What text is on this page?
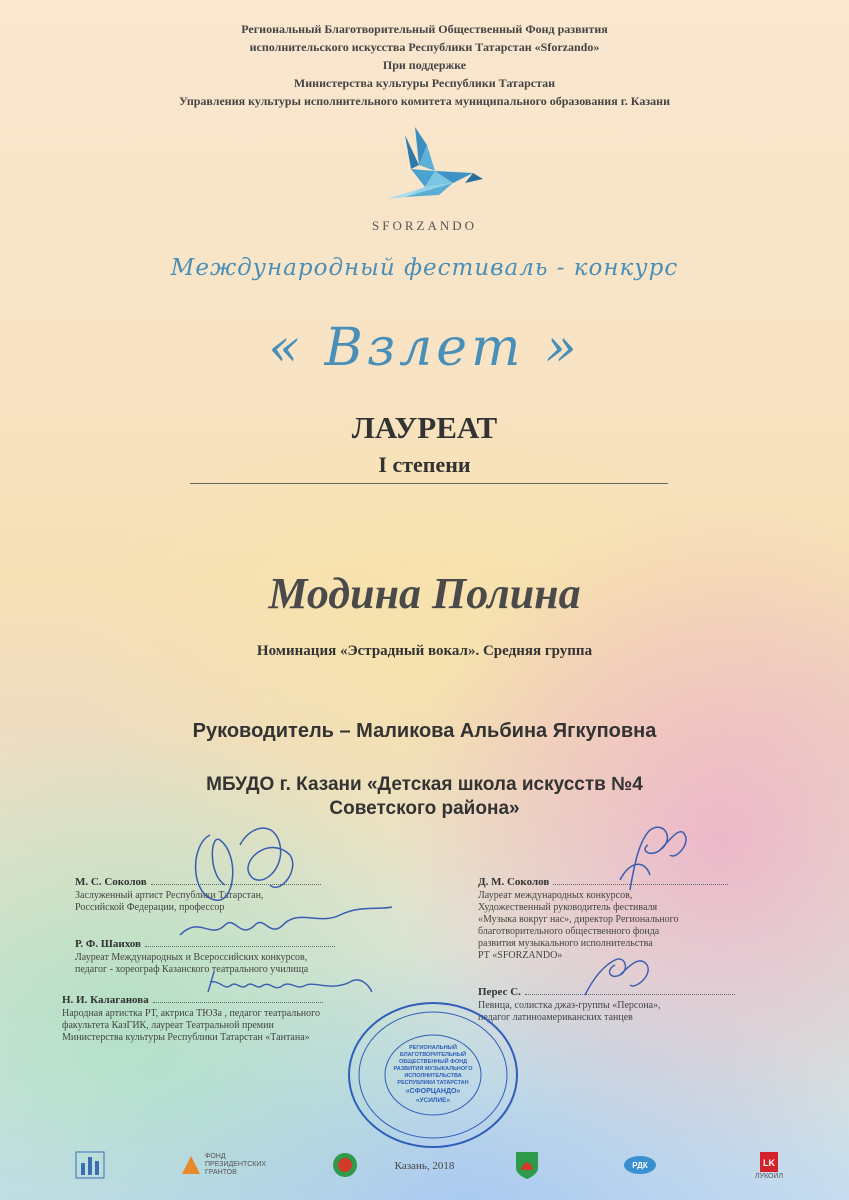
Региональный Благотворительный Общественный Фонд развития
исполнительского искусства Республики Татарстан «Sforzando»
При поддержке
Министерства культуры Республики Татарстан
Управления культуры исполнительного комитета муниципального образования г. Казани
SFORZANDO
Международный фестиваль - конкурс
« Взлет »
ЛАУРЕАТ
I степени
Модина Полина
Номинация «Эстрадный вокал». Средняя группа
Руководитель – Маликова Альбина Ягкуповна
МБУДО г. Казани «Детская школа искусств №4
Советского района»
М. С. Соколов
Заслуженный артист Республики Татарстан,
Российской Федерации, профессор
Р. Ф. Шаихов
Лауреат Международных и Всероссийских конкурсов,
педагог - хореограф Казанского театрального училища
Н. И. Калаганова
Народная артистка РТ, актриса ТЮЗа , педагог театрального
факультета КазГИК, лауреат Театральной премии
Министерства культуры Республики Татарстан «Тантана»
Д. М. Соколов
Лауреат международных конкурсов,
Художественный руководитель фестиваля
«Музыка вокруг нас», директор Регионального
благотворительного общественного фонда
развития музыкального исполнительства
РТ «SFORZANDO»
Перес С.
Певица, солистка джаз-группы «Персона»,
педагог латиноамериканских танцев
РЕГИОНАЛЬНЫЙ
БЛАГОТВОРИТЕЛЬНЫЙ
ОБЩЕСТВЕННЫЙ ФОНД
РАЗВИТИЯ МУЗЫКАЛЬНОГО
ИСПОЛНИТЕЛЬСТВА
РЕСПУБЛИКИ ТАТАРСТАН
«СФОРЦАНДО»
«УСИЛИЕ»
ФОНД ПРЕЗИДЕНТСКИХ ГРАНТОВ
Казань, 2018	РДК	LK
ЛУКОЙЛ
